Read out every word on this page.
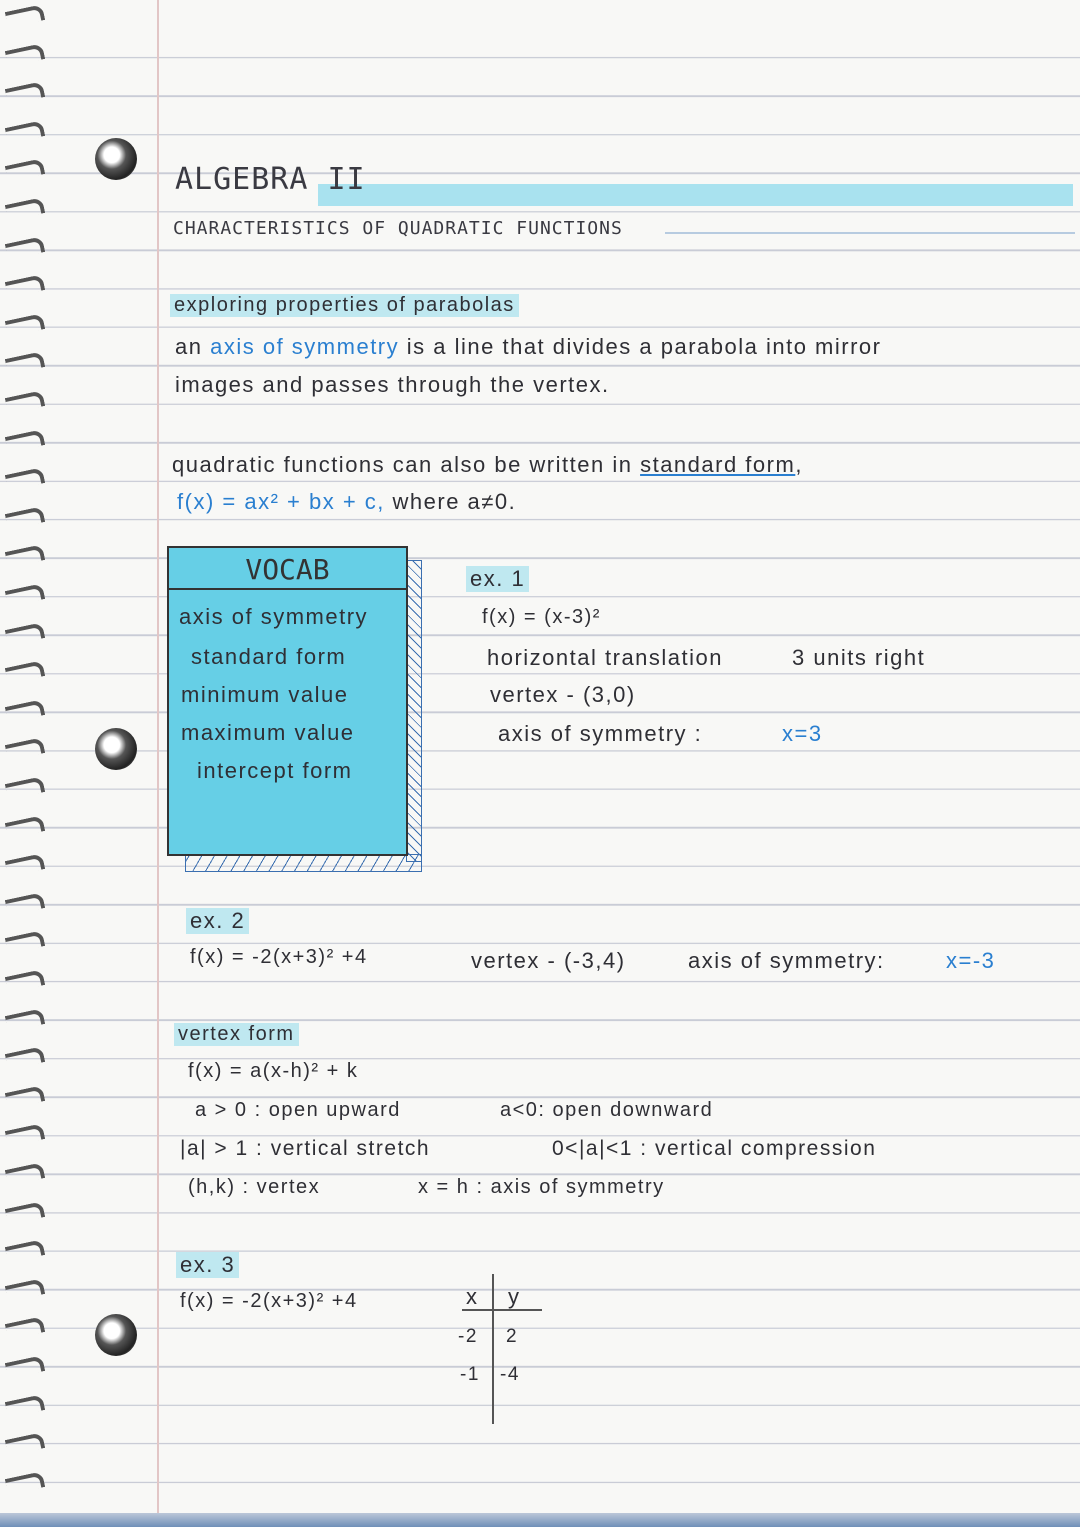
ALGEBRA II
CHARACTERISTICS OF QUADRATIC FUNCTIONS
exploring properties of parabolas
an axis of symmetry is a line that divides a parabola into mirror
images and passes through the vertex.
quadratic functions can also be written in standard form,
f(x) = ax² + bx + c, where a≠0.
VOCAB
axis of symmetry
standard form
minimum value
maximum value
intercept form
ex. 1
f(x) = (x-3)²
horizontal translation	3 units right
vertex - (3,0)
axis of symmetry :	x=3
ex. 2
f(x) = -2(x+3)² +4	vertex - (-3,4)	axis of symmetry:	x=-3
vertex form
f(x) = a(x-h)² + k
a > 0 : open upward	a<0: open downward
|a| > 1 : vertical stretch	0<|a|<1 : vertical compression
(h,k) : vertex	x = h : axis of symmetry
ex. 3
f(x) = -2(x+3)² +4	x y
-2 2
-1 -4
